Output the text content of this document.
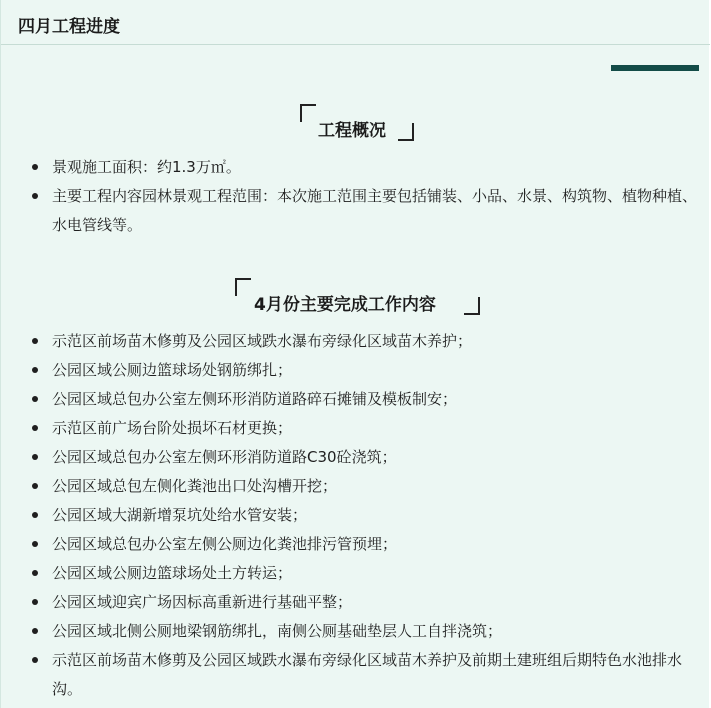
四月工程进度
工程概况
景观施工面积：约1.3万㎡。
主要工程内容园林景观工程范围：本次施工范围主要包括铺装、小品、水景、构筑物、植物种植、水电管线等。
4月份主要完成工作内容
示范区前场苗木修剪及公园区域跌水瀑布旁绿化区域苗木养护；
公园区域公厕边篮球场处钢筋绑扎；
公园区域总包办公室左侧环形消防道路碎石摊铺及模板制安；
示范区前广场台阶处损坏石材更换；
公园区域总包办公室左侧环形消防道路C30砼浇筑；
公园区域总包左侧化粪池出口处沟槽开挖；
公园区域大湖新增泵坑处给水管安装；
公园区域总包办公室左侧公厕边化粪池排污管预埋；
公园区域公厕边篮球场处土方转运；
公园区域迎宾广场因标高重新进行基础平整；
公园区域北侧公厕地梁钢筋绑扎，南侧公厕基础垫层人工自拌浇筑；
示范区前场苗木修剪及公园区域跌水瀑布旁绿化区域苗木养护及前期土建班组后期特色水池排水沟。
